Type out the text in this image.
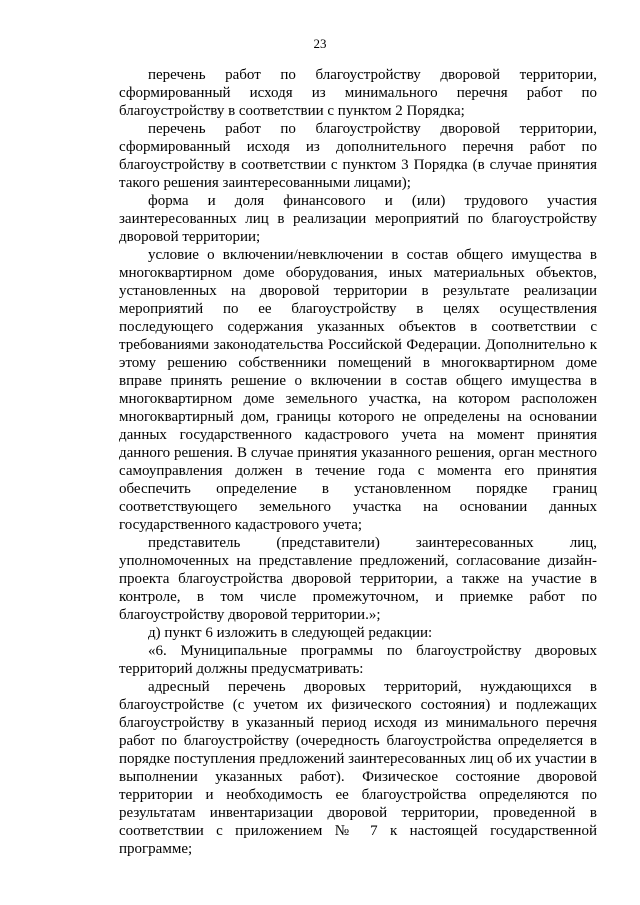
23

перечень работ по благоустройству дворовой территории, сформированный исходя из минимального перечня работ по благоустройству в соответствии с пунктом 2 Порядка;

перечень работ по благоустройству дворовой территории, сформированный исходя из дополнительного перечня работ по благоустройству в соответствии с пунктом 3 Порядка (в случае принятия такого решения заинтересованными лицами);

форма и доля финансового и (или) трудового участия заинтересованных лиц в реализации мероприятий по благоустройству дворовой территории;

условие о включении/невключении в состав общего имущества в многоквартирном доме оборудования, иных материальных объектов, установленных на дворовой территории в результате реализации мероприятий по ее благоустройству в целях осуществления последующего содержания указанных объектов в соответствии с требованиями законодательства Российской Федерации. Дополнительно к этому решению собственники помещений в многоквартирном доме вправе принять решение о включении в состав общего имущества в многоквартирном доме земельного участка, на котором расположен многоквартирный дом, границы которого не определены на основании данных государственного кадастрового учета на момент принятия данного решения. В случае принятия указанного решения, орган местного самоуправления должен в течение года с момента его принятия обеспечить определение в установленном порядке границ соответствующего земельного участка на основании данных государственного кадастрового учета;

представитель (представители) заинтересованных лиц, уполномоченных на представление предложений, согласование дизайн-проекта благоустройства дворовой территории, а также на участие в контроле, в том числе промежуточном, и приемке работ по благоустройству дворовой территории.»;

д) пункт 6 изложить в следующей редакции:

«6. Муниципальные программы по благоустройству дворовых территорий должны предусматривать:

адресный перечень дворовых территорий, нуждающихся в благоустройстве (с учетом их физического состояния) и подлежащих благоустройству в указанный период исходя из минимального перечня работ по благоустройству (очередность благоустройства определяется в порядке поступления предложений заинтересованных лиц об их участии в выполнении указанных работ). Физическое состояние дворовой территории и необходимость ее благоустройства определяются по результатам инвентаризации дворовой территории, проведенной в соответствии с приложением № 7 к настоящей государственной программе;
